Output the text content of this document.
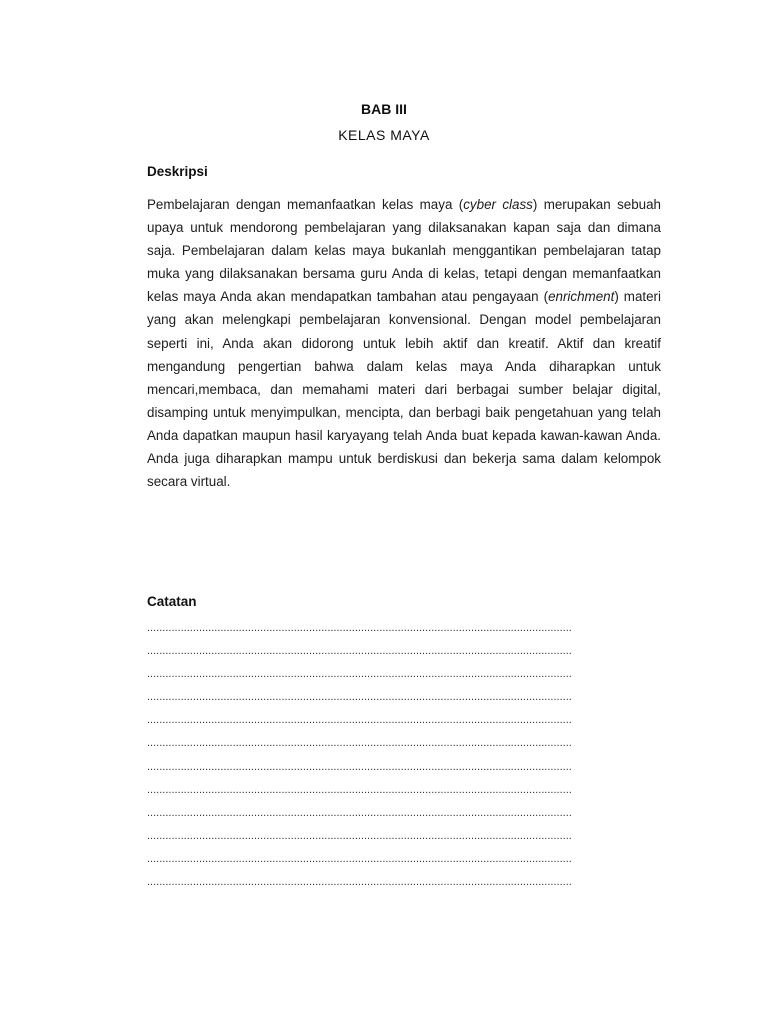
BAB III
KELAS MAYA
Deskripsi
Pembelajaran dengan memanfaatkan kelas maya (cyber class) merupakan sebuah upaya untuk mendorong pembelajaran yang dilaksanakan kapan saja dan dimana saja. Pembelajaran dalam kelas maya bukanlah menggantikan pembelajaran tatap muka yang dilaksanakan bersama guru Anda di kelas, tetapi dengan memanfaatkan kelas maya Anda akan mendapatkan tambahan atau pengayaan (enrichment) materi yang akan melengkapi pembelajaran konvensional. Dengan model pembelajaran seperti ini, Anda akan didorong untuk lebih aktif dan kreatif. Aktif dan kreatif mengandung pengertian bahwa dalam kelas maya Anda diharapkan untuk mencari,membaca, dan memahami materi dari berbagai sumber belajar digital, disamping untuk menyimpulkan, mencipta, dan berbagi baik pengetahuan yang telah Anda dapatkan maupun hasil karyayang telah Anda buat kepada kawan-kawan Anda. Anda juga diharapkan mampu untuk berdiskusi dan bekerja sama dalam kelompok secara virtual.
Catatan
...........................................................................................................................................
...........................................................................................................................................
...........................................................................................................................................
...........................................................................................................................................
...........................................................................................................................................
...........................................................................................................................................
...........................................................................................................................................
...........................................................................................................................................
...........................................................................................................................................
...........................................................................................................................................
...........................................................................................................................................
...........................................................................................................................................
